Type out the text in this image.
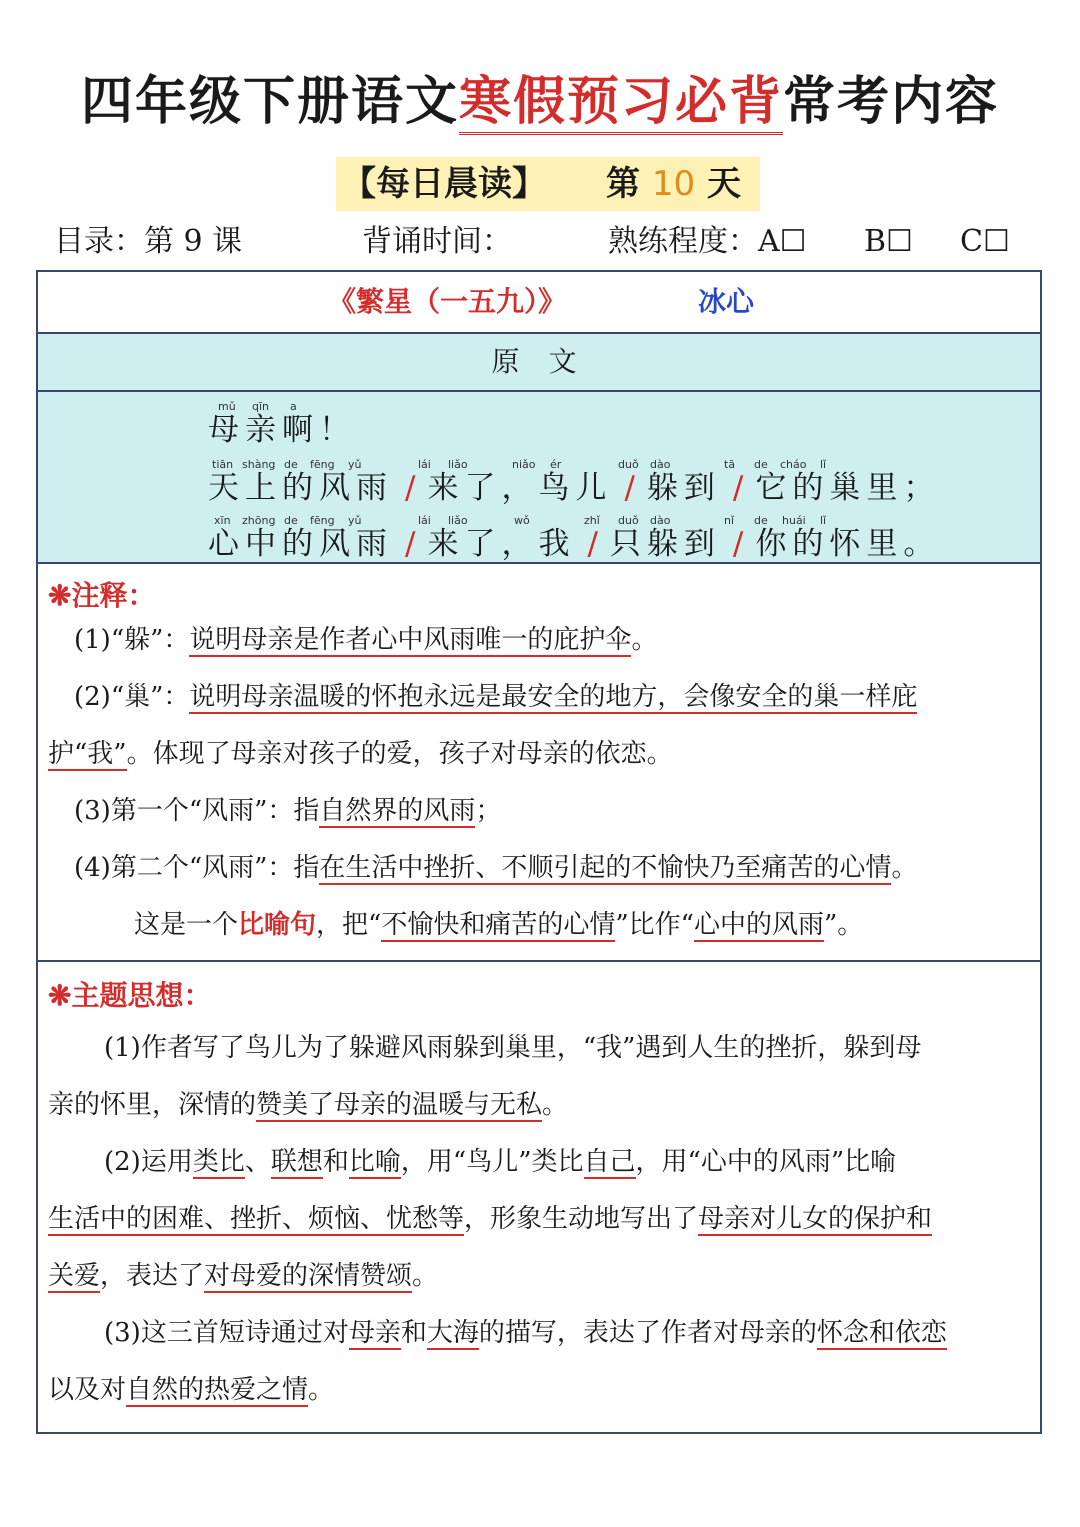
四年级下册语文寒假预习必背常考内容
【每日晨读】 第 10 天
目录：第 9 课	背诵时间：	熟练程度：A☐ B☐ C☐
《繁星（一五九）》	冰心
原 文
mǔ qīn a
母亲啊！
tiān shàng de fēng yǔ	lái liǎo	niǎo ér	duǒ dào	tā de cháo lǐ
天上的风雨 / 来了，鸟儿 / 躲到 / 它的巢里；
xīn zhōng de fēng yǔ	lái liǎo	wǒ	zhǐ duǒ dào	nǐ de huái lǐ
心中的风雨 / 来了，我 / 只躲到 / 你的怀里。
❋注释：
(1)“躲”：说明母亲是作者心中风雨唯一的庇护伞。
(2)“巢”：说明母亲温暖的怀抱永远是最安全的地方，会像安全的巢一样庇
护“我”。体现了母亲对孩子的爱，孩子对母亲的依恋。
(3)第一个“风雨”：指自然界的风雨；
(4)第二个“风雨”：指在生活中挫折、不顺引起的不愉快乃至痛苦的心情。
这是一个比喻句，把“不愉快和痛苦的心情”比作“心中的风雨”。
❋主题思想：
(1)作者写了鸟儿为了躲避风雨躲到巢里，“我”遇到人生的挫折，躲到母
亲的怀里，深情的赞美了母亲的温暖与无私。
(2)运用类比、联想和比喻，用“鸟儿”类比自己，用“心中的风雨”比喻
生活中的困难、挫折、烦恼、忧愁等，形象生动地写出了母亲对儿女的保护和
关爱，表达了对母爱的深情赞颂。
(3)这三首短诗通过对母亲和大海的描写，表达了作者对母亲的怀念和依恋
以及对自然的热爱之情。
